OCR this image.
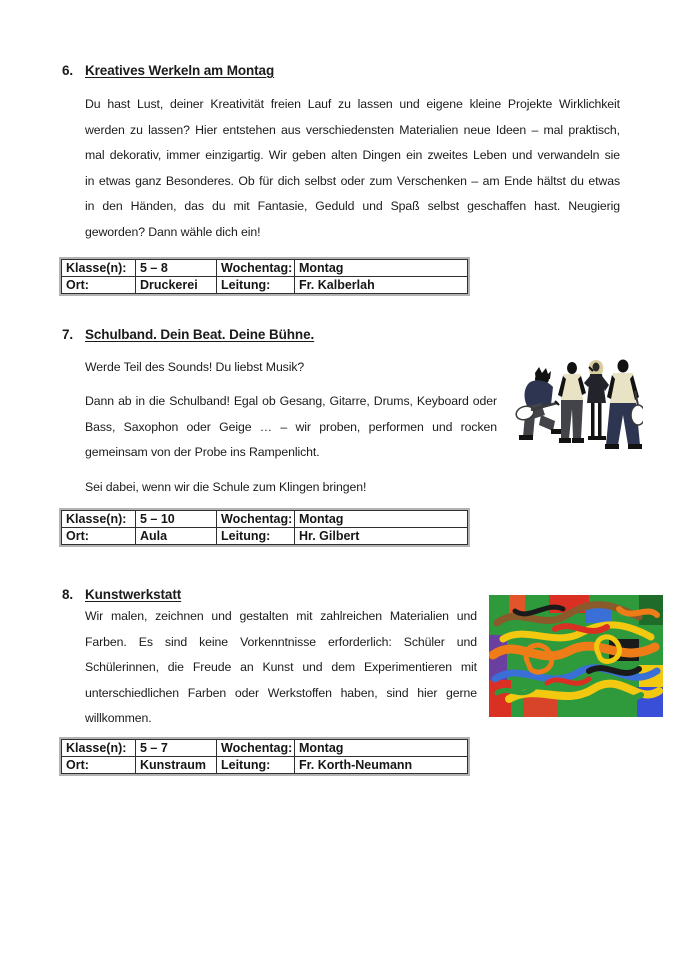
6. Kreatives Werkeln am Montag
Du hast Lust, deiner Kreativität freien Lauf zu lassen und eigene kleine Projekte Wirklichkeit
werden zu lassen? Hier entstehen aus verschiedensten Materialien neue Ideen – mal praktisch,
mal dekorativ, immer einzigartig. Wir geben alten Dingen ein zweites Leben und verwandeln sie
in etwas ganz Besonderes. Ob für dich selbst oder zum Verschenken – am Ende hältst du etwas
in den Händen, das du mit Fantasie, Geduld und Spaß selbst geschaffen hast. Neugierig
geworden? Dann wähle dich ein!
Klasse(n):	5 – 8	Wochentag:	Montag
Ort:	Druckerei	Leitung:	Fr. Kalberlah
7. Schulband. Dein Beat. Deine Bühne.
Werde Teil des Sounds! Du liebst Musik?
Dann ab in die Schulband! Egal ob Gesang, Gitarre, Drums, Keyboard oder
Bass, Saxophon oder Geige … – wir proben, performen und rocken
gemeinsam von der Probe ins Rampenlicht.
Sei dabei, wenn wir die Schule zum Klingen bringen!
Klasse(n):	5 – 10	Wochentag:	Montag
Ort:	Aula	Leitung:	Hr. Gilbert
8. Kunstwerkstatt
Wir malen, zeichnen und gestalten mit zahlreichen Materialien und
Farben. Es sind keine Vorkenntnisse erforderlich: Schüler und
Schülerinnen, die Freude an Kunst und dem Experimentieren mit
unterschiedlichen Farben oder Werkstoffen haben, sind hier gerne
willkommen.
Klasse(n):	5 – 7	Wochentag:	Montag
Ort:	Kunstraum	Leitung:	Fr. Korth-Neumann
